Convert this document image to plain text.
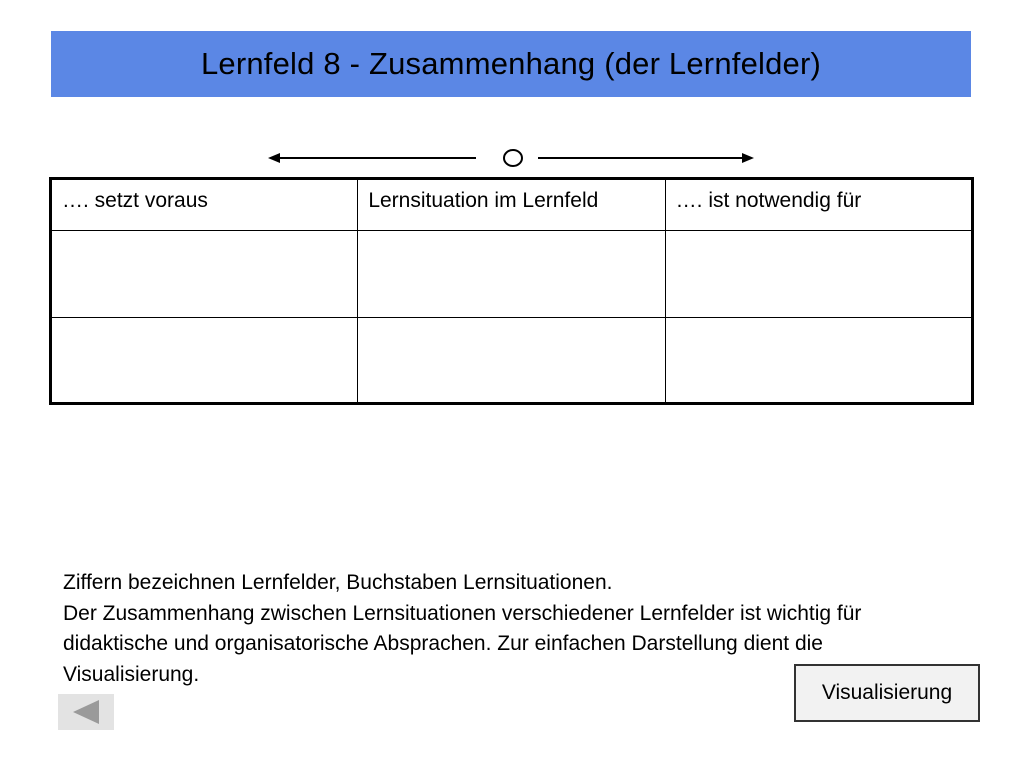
Lernfeld 8 - Zusammenhang (der Lernfelder)
…. setzt voraus	Lernsituation im Lernfeld	…. ist notwendig für

Ziffern bezeichnen Lernfelder, Buchstaben Lernsituationen.

Der Zusammenhang zwischen Lernsituationen verschiedener Lernfelder ist wichtig für didaktische und organisatorische Absprachen. Zur einfachen Darstellung dient die Visualisierung.

Visualisierung
